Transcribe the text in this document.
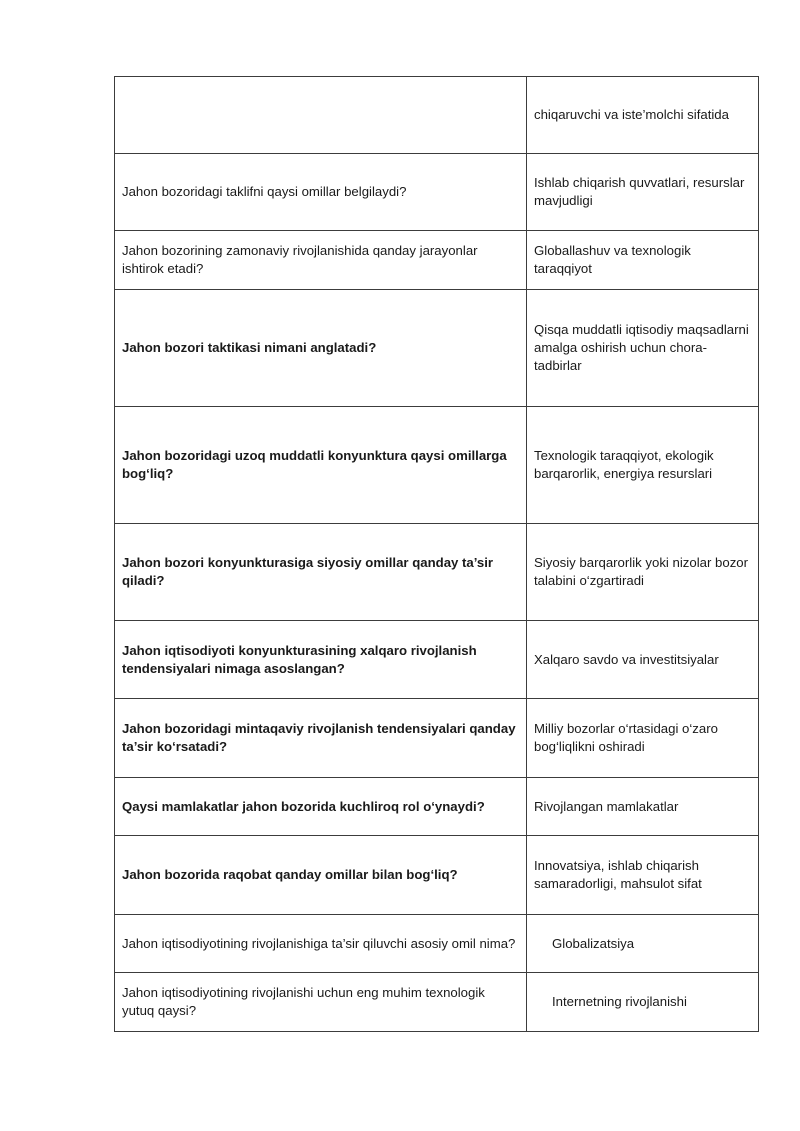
	chiqaruvchi va iste’molchi sifatida
Jahon bozoridagi taklifni qaysi omillar belgilaydi?	Ishlab chiqarish quvvatlari, resurslar mavjudligi
Jahon bozorining zamonaviy rivojlanishida qanday jarayonlar ishtirok etadi?	Globallashuv va texnologik taraqqiyot
Jahon bozori taktikasi nimani anglatadi?	Qisqa muddatli iqtisodiy maqsadlarni amalga oshirish uchun chora-tadbirlar
Jahon bozoridagi uzoq muddatli konyunktura qaysi omillarga bog‘liq?	Texnologik taraqqiyot, ekologik barqarorlik, energiya resurslari
Jahon bozori konyunkturasiga siyosiy omillar qanday ta’sir qiladi?	Siyosiy barqarorlik yoki nizolar bozor talabini o‘zgartiradi
Jahon iqtisodiyoti konyunkturasining xalqaro rivojlanish tendensiyalari nimaga asoslangan?	Xalqaro savdo va investitsiyalar
Jahon bozoridagi mintaqaviy rivojlanish tendensiyalari qanday ta’sir ko‘rsatadi?	Milliy bozorlar o‘rtasidagi o‘zaro bog‘liqlikni oshiradi
Qaysi mamlakatlar jahon bozorida kuchliroq rol o‘ynaydi?	Rivojlangan mamlakatlar
Jahon bozorida raqobat qanday omillar bilan bog‘liq?	Innovatsiya, ishlab chiqarish samaradorligi, mahsulot sifat
Jahon iqtisodiyotining rivojlanishiga ta’sir qiluvchi asosiy omil nima?	Globalizatsiya
Jahon iqtisodiyotining rivojlanishi uchun eng muhim texnologik yutuq qaysi?	Internetning rivojlanishi
